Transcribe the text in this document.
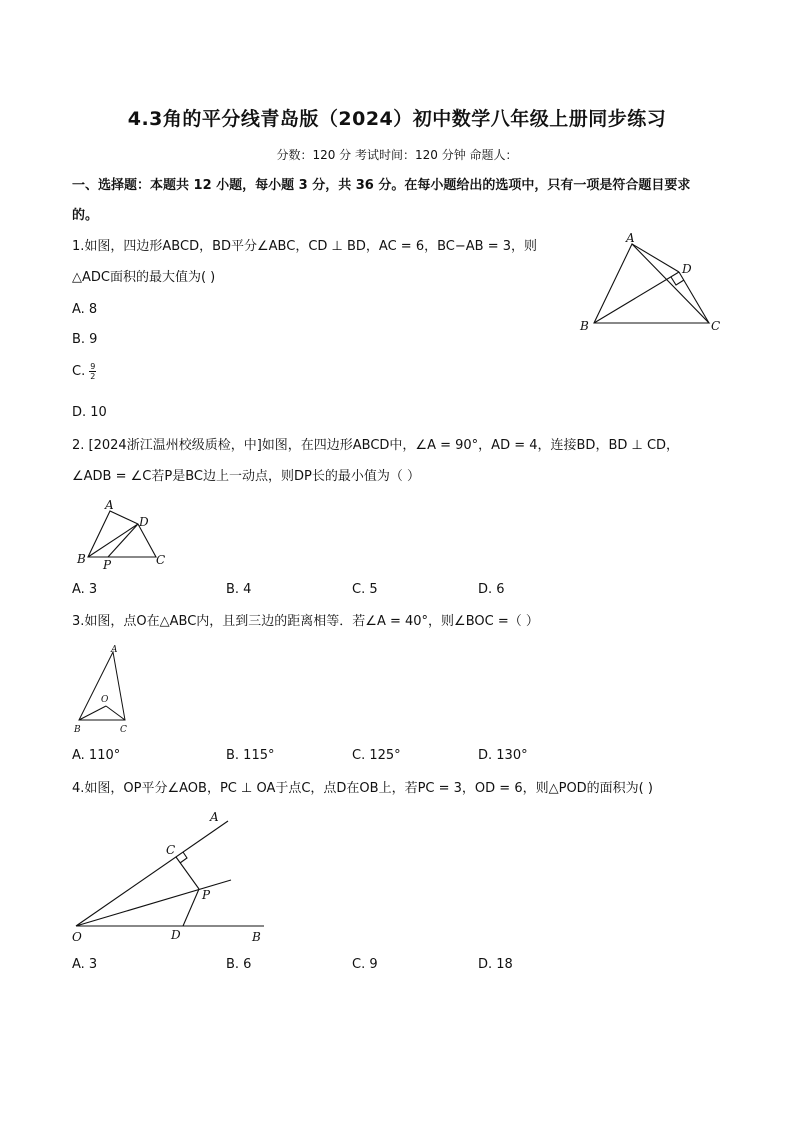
4.3角的平分线青岛版（2024）初中数学八年级上册同步练习
分数：120 分 考试时间：120 分钟 命题人：
一、选择题：本题共 12 小题，每小题 3 分，共 36 分。在每小题给出的选项中，只有一项是符合题目要求
的。
1.如图，四边形ABCD，BD平分∠ABC，CD ⊥ BD，AC = 6，BC−AB = 3，则
△ADC面积的最大值为( )
A. 8
B. 9
C. $\frac{9}{2}$
D. 10
A
B	C
D
2. [2024浙江温州校级质检，中]如图，在四边形ABCD中，∠A = 90°，AD = 4，连接BD，BD ⊥ CD，
∠ADB = ∠C若P是BC边上一动点，则DP长的最小值为（ ）
A
B	C
D
P
A. 3	B. 4	C. 5	D. 6
3.如图，点O在△ABC内，且到三边的距离相等．若∠A = 40°，则∠BOC =（ ）
A
B	C
O
A. 110°	B. 115°	C. 125°	D. 130°
4.如图，OP平分∠AOB，PC ⊥ OA于点C，点D在OB上，若PC = 3，OD = 6，则△POD的面积为( )
A
B
C
D
O
P
A. 3	B. 6	C. 9	D. 18
